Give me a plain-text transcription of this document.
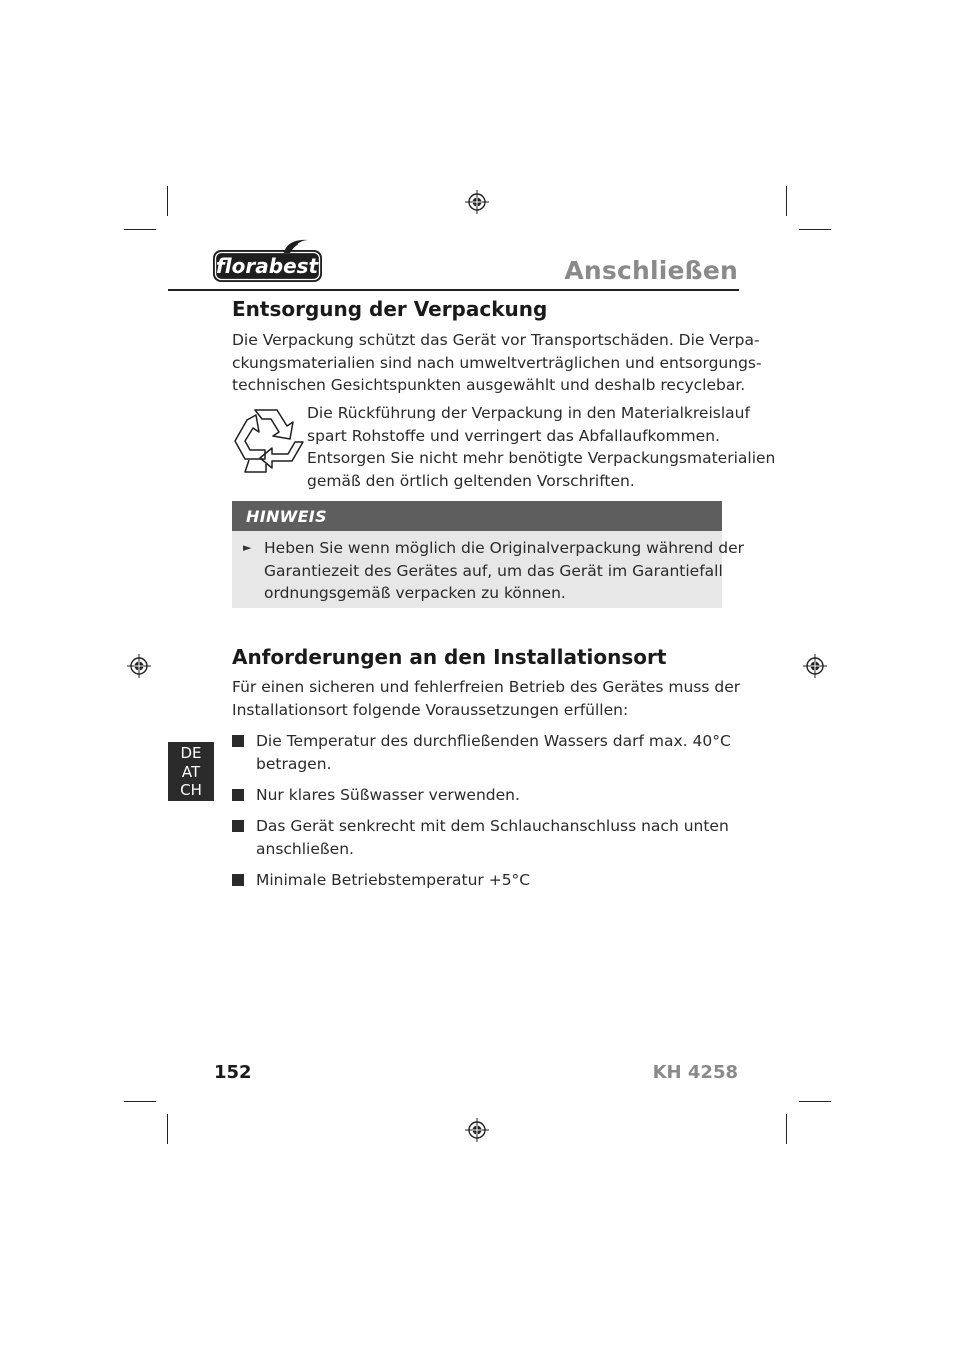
florabest	Anschließen
Entsorgung der Verpackung
Die Verpackung schützt das Gerät vor Transportschäden. Die Verpa-
ckungsmaterialien sind nach umweltverträglichen und entsorgungs-
technischen Gesichtspunkten ausgewählt und deshalb recyclebar.
Die Rückführung der Verpackung in den Materialkreislauf
spart Rohstoffe und verringert das Abfallaufkommen.
Entsorgen Sie nicht mehr benötigte Verpackungsmaterialien
gemäß den örtlich geltenden Vorschriften.
HINWEIS
► Heben Sie wenn möglich die Originalverpackung während der
Garantiezeit des Gerätes auf, um das Gerät im Garantiefall
ordnungsgemäß verpacken zu können.
Anforderungen an den Installationsort
Für einen sicheren und fehlerfreien Betrieb des Gerätes muss der
Installationsort folgende Voraussetzungen erfüllen:
Die Temperatur des durchfließenden Wassers darf max. 40°C
betragen.
Nur klares Süßwasser verwenden.
Das Gerät senkrecht mit dem Schlauchanschluss nach unten
anschließen.
Minimale Betriebstemperatur +5°C
DE
AT
CH
152	KH 4258
